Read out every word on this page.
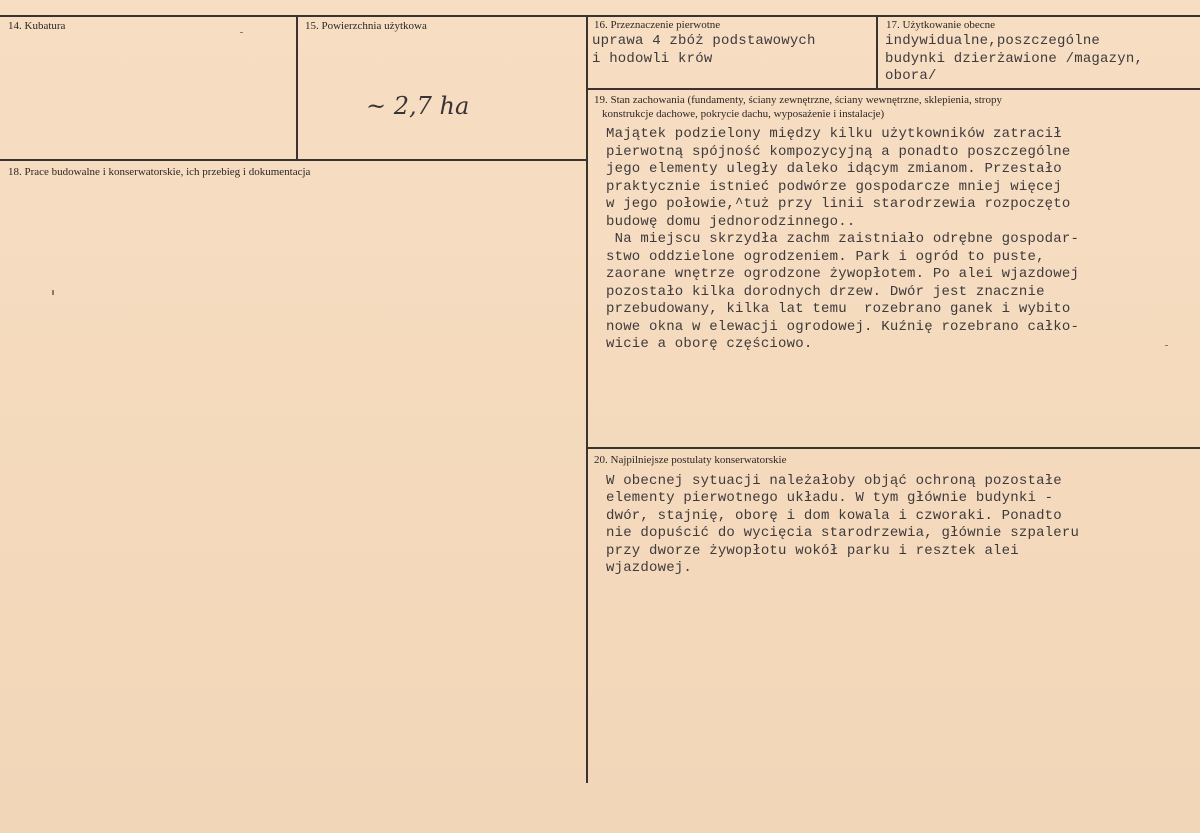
14. Kubatura	15. Powierzchnia użytkowa
~ 2,7 ha
16. Przeznaczenie pierwotne
uprawa 4 zbóż podstawowych
i hodowli krów
17. Użytkowanie obecne
indywidualne,poszczególne
budynki dzierżawione /magazyn,
obora/
18. Prace budowalne i konserwatorskie, ich przebieg i dokumentacja
19. Stan zachowania (fundamenty, ściany zewnętrzne, ściany wewnętrzne, sklepienia, stropy
konstrukcje dachowe, pokrycie dachu, wyposażenie i instalacje)
Majątek podzielony między kilku użytkowników zatracił
pierwotną spójność kompozycyjną a ponadto poszczególne
jego elementy uległy daleko idącym zmianom. Przestało
praktycznie istnieć podwórze gospodarcze mniej więcej
w jego połowie,^tuż przy linii starodrzewia rozpoczęto
budowę domu jednorodzinnego..
Na miejscu skrzydła zachm zaistniało odrębne gospodar-
stwo oddzielone ogrodzeniem. Park i ogród to puste,
zaorane wnętrze ogrodzone żywopłotem. Po alei wjazdowej
pozostało kilka dorodnych drzew. Dwór jest znacznie
przebudowany, kilka lat temu  rozebrano ganek i wybito
nowe okna w elewacji ogrodowej. Kuźnię rozebrano całko-
wicie a oborę częściowo.
20. Najpilniejsze postulaty konserwatorskie
W obecnej sytuacji należałoby objąć ochroną pozostałe
elementy pierwotnego układu. W tym głównie budynki -
dwór, stajnię, oborę i dom kowala i czworaki. Ponadto
nie dopuścić do wycięcia starodrzewia, głównie szpaleru
przy dworze żywopłotu wokół parku i resztek alei
wjazdowej.
